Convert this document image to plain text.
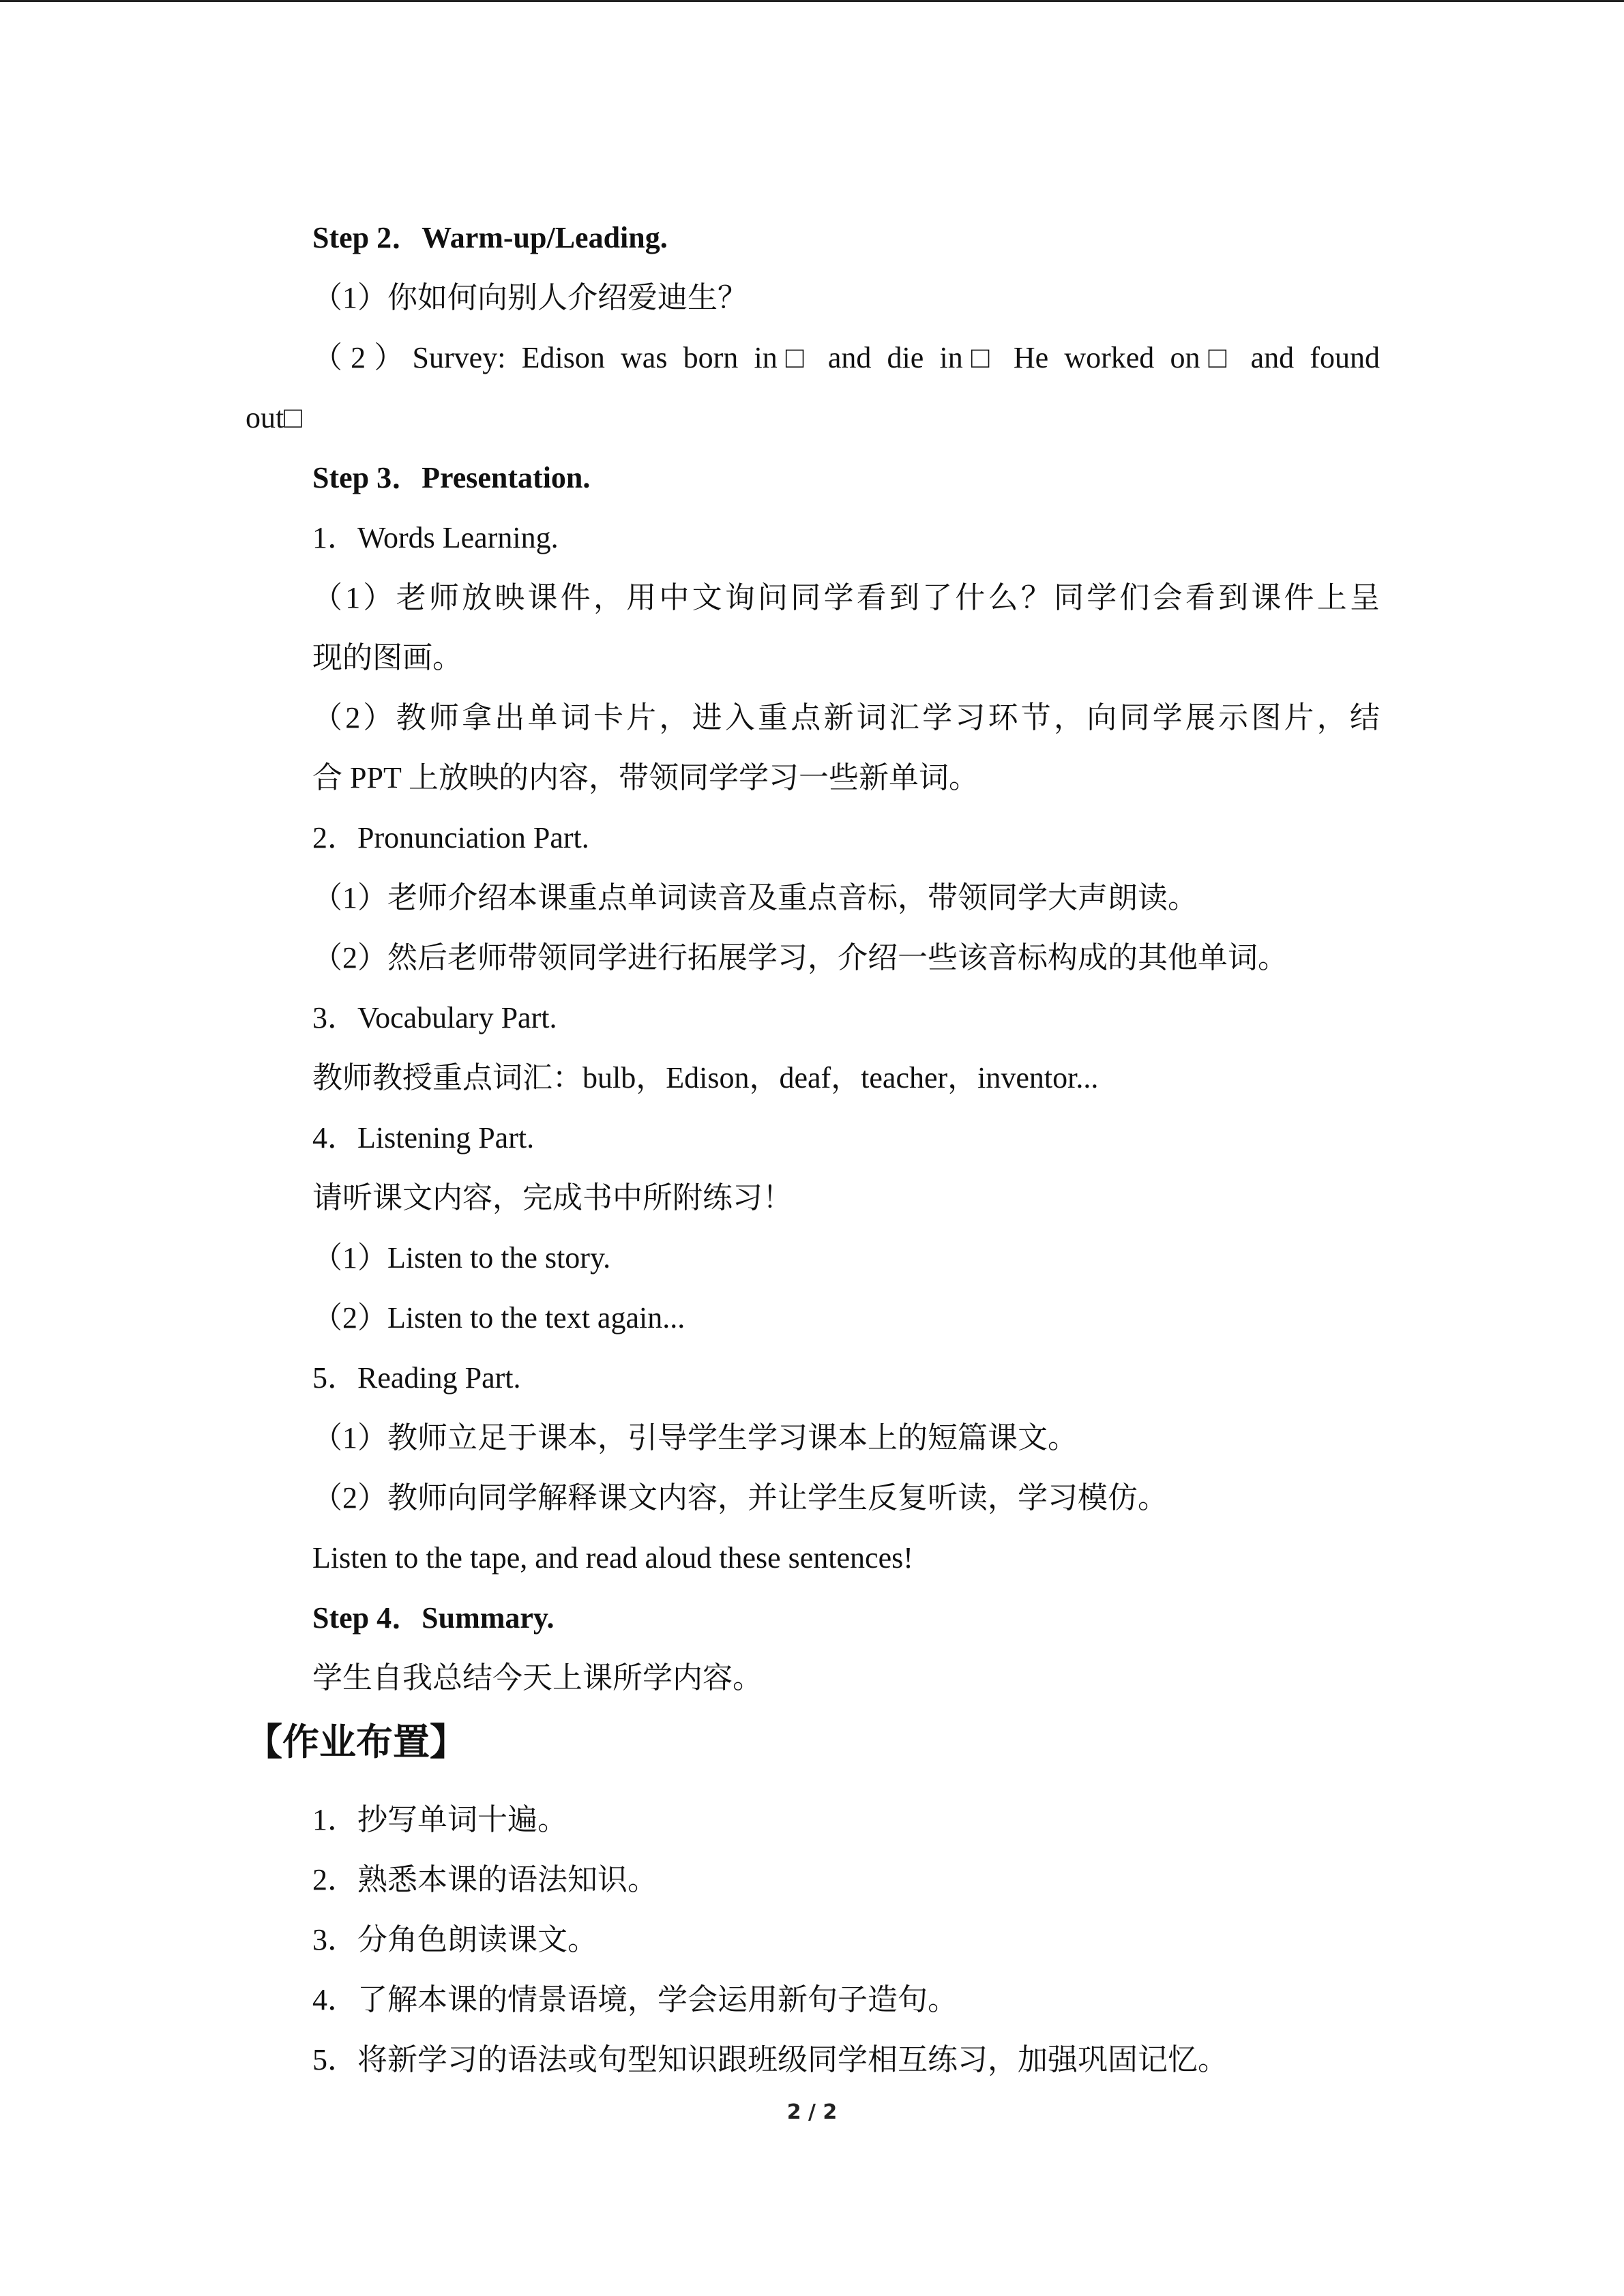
Step 2．Warm-up/Leading.
（1）你如何向别人介绍爱迪生？
（2）Survey: Edison was born in□ and die in□ He worked on□ and found
out□
Step 3．Presentation.
1．Words Learning.
（1）老师放映课件，用中文询问同学看到了什么？同学们会看到课件上呈
现的图画。
（2）教师拿出单词卡片，进入重点新词汇学习环节，向同学展示图片，结
合 PPT 上放映的内容，带领同学学习一些新单词。
2．Pronunciation Part.
（1）老师介绍本课重点单词读音及重点音标，带领同学大声朗读。
（2）然后老师带领同学进行拓展学习，介绍一些该音标构成的其他单词。
3．Vocabulary Part.
教师教授重点词汇：bulb，Edison，deaf，teacher，inventor...
4．Listening Part.
请听课文内容，完成书中所附练习！
（1）Listen to the story.
（2）Listen to the text again...
5．Reading Part.
（1）教师立足于课本，引导学生学习课本上的短篇课文。
（2）教师向同学解释课文内容，并让学生反复听读，学习模仿。
Listen to the tape, and read aloud these sentences!
Step 4．Summary.
学生自我总结今天上课所学内容。
【作业布置】
1．抄写单词十遍。
2．熟悉本课的语法知识。
3．分角色朗读课文。
4．了解本课的情景语境，学会运用新句子造句。
5．将新学习的语法或句型知识跟班级同学相互练习，加强巩固记忆。
2 / 2
